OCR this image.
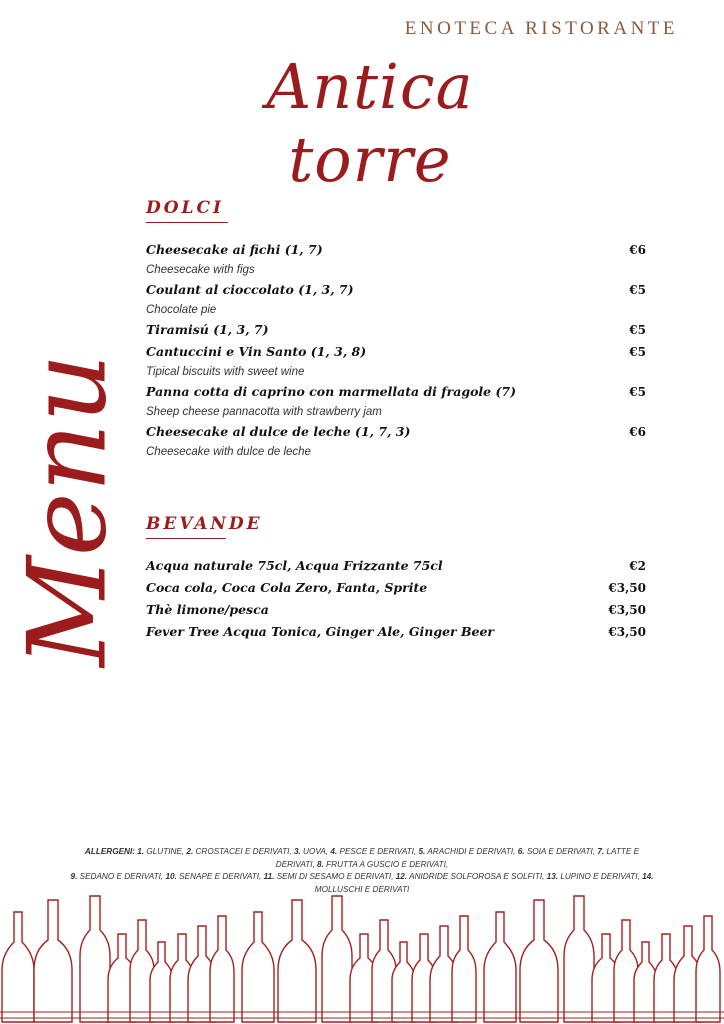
ENOTECA RISTORANTE
Antica torre
Menu
DOLCI
Cheesecake ai fichi (1, 7)	€6
Cheesecake with figs
Coulant al cioccolato (1, 3, 7)	€5
Chocolate pie
Tiramisú (1, 3, 7)	€5
Cantuccini e Vin Santo (1, 3, 8)	€5
Tipical biscuits with sweet wine
Panna cotta di caprino con marmellata di fragole (7)	€5
Sheep cheese pannacotta with strawberry jam
Cheesecake al dulce de leche (1, 7, 3)	€6
Cheesecake with dulce de leche
BEVANDE
Acqua naturale 75cl, Acqua Frizzante 75cl	€2
Coca cola, Coca Cola Zero, Fanta, Sprite	€3,50
Thè limone/pesca	€3,50
Fever Tree Acqua Tonica, Ginger Ale, Ginger Beer	€3,50
ALLERGENI: 1. GLUTINE, 2. CROSTACEI E DERIVATI, 3. UOVA, 4. PESCE E DERIVATI, 5. ARACHIDI E DERIVATI, 6. SOIA E DERIVATI, 7. LATTE E DERIVATI, 8. FRUTTA A GUSCIO E DERIVATI,
9. SEDANO E DERIVATI, 10. SENAPE E DERIVATI, 11. SEMI DI SESAMO E DERIVATI, 12. ANIDRIDE SOLFOROSA E SOLFITI, 13. LUPINO E DERIVATI, 14. MOLLUSCHI E DERIVATI
